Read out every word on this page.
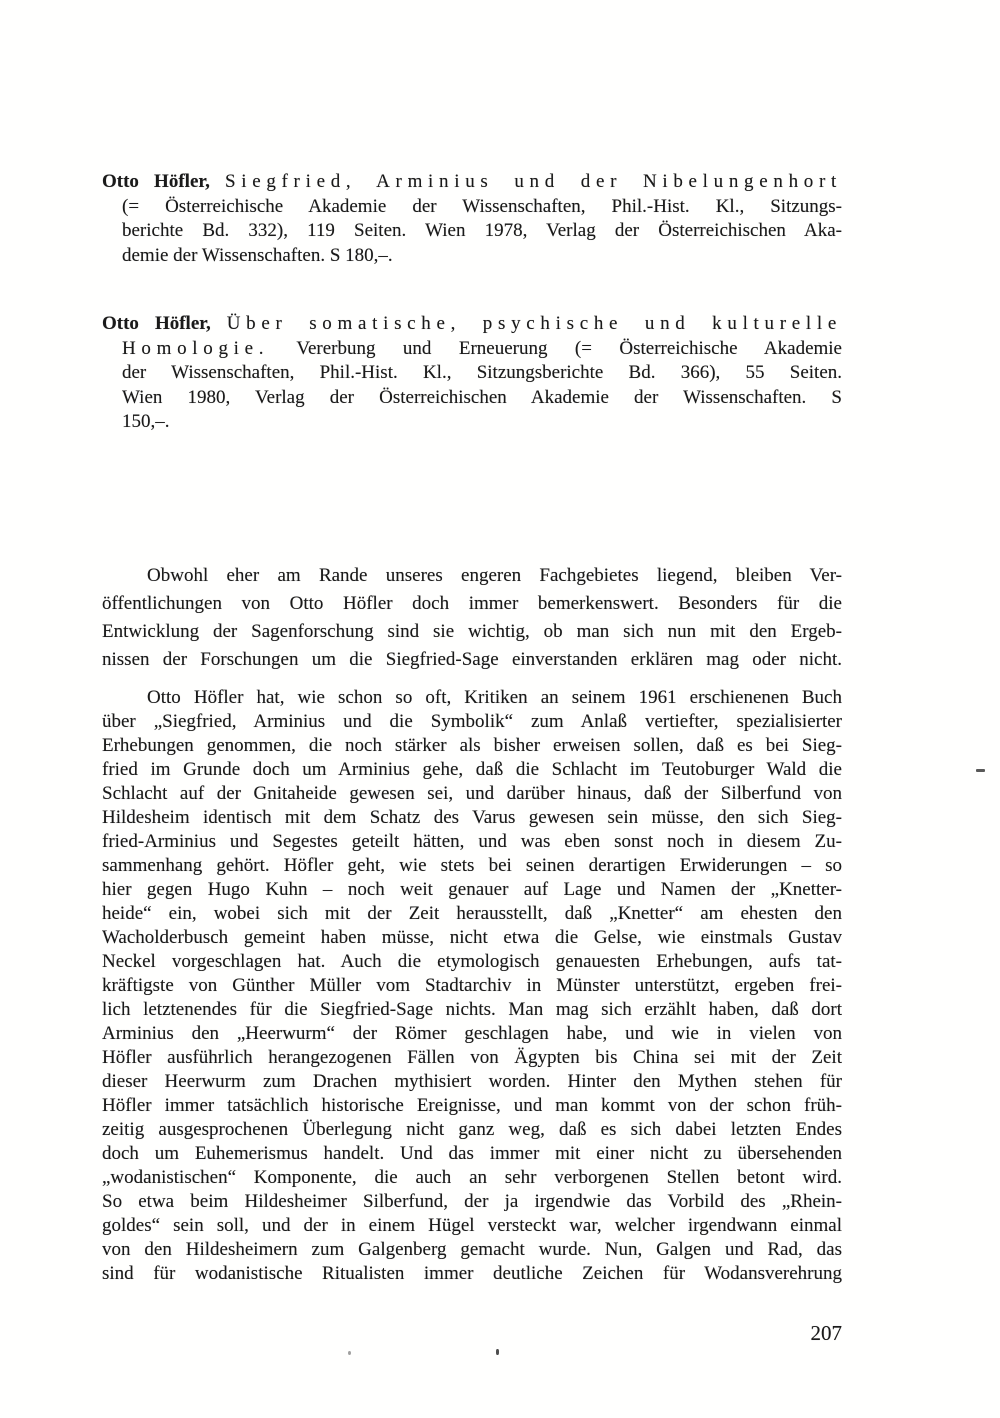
Otto Höfler, Siegfried, Arminius und der Nibelungenhort
(= Österreichische Akademie der Wissenschaften, Phil.-Hist. Kl., Sitzungs-
berichte Bd. 332), 119 Seiten. Wien 1978, Verlag der Österreichischen Aka-
demie der Wissenschaften. S 180,–.
Otto Höfler, Über somatische, psychische und kulturelle
Homologie. Vererbung und Erneuerung (= Österreichische Akademie
der Wissenschaften, Phil.-Hist. Kl., Sitzungsberichte Bd. 366), 55 Seiten.
Wien 1980, Verlag der Österreichischen Akademie der Wissenschaften. S
150,–.
Obwohl eher am Rande unseres engeren Fachgebietes liegend, bleiben Ver-
öffentlichungen von Otto Höfler doch immer bemerkenswert. Besonders für die
Entwicklung der Sagenforschung sind sie wichtig, ob man sich nun mit den Ergeb-
nissen der Forschungen um die Siegfried-Sage einverstanden erklären mag oder nicht.
Otto Höfler hat, wie schon so oft, Kritiken an seinem 1961 erschienenen Buch
über „Siegfried, Arminius und die Symbolik“ zum Anlaß vertiefter, spezialisierter
Erhebungen genommen, die noch stärker als bisher erweisen sollen, daß es bei Sieg-
fried im Grunde doch um Arminius gehe, daß die Schlacht im Teutoburger Wald die
Schlacht auf der Gnitaheide gewesen sei, und darüber hinaus, daß der Silberfund von
Hildesheim identisch mit dem Schatz des Varus gewesen sein müsse, den sich Sieg-
fried-Arminius und Segestes geteilt hätten, und was eben sonst noch in diesem Zu-
sammenhang gehört. Höfler geht, wie stets bei seinen derartigen Erwiderungen – so
hier gegen Hugo Kuhn – noch weit genauer auf Lage und Namen der „Knetter-
heide“ ein, wobei sich mit der Zeit herausstellt, daß „Knetter“ am ehesten den
Wacholderbusch gemeint haben müsse, nicht etwa die Gelse, wie einstmals Gustav
Neckel vorgeschlagen hat. Auch die etymologisch genauesten Erhebungen, aufs tat-
kräftigste von Günther Müller vom Stadtarchiv in Münster unterstützt, ergeben frei-
lich letztenendes für die Siegfried-Sage nichts. Man mag sich erzählt haben, daß dort
Arminius den „Heerwurm“ der Römer geschlagen habe, und wie in vielen von
Höfler ausführlich herangezogenen Fällen von Ägypten bis China sei mit der Zeit
dieser Heerwurm zum Drachen mythisiert worden. Hinter den Mythen stehen für
Höfler immer tatsächlich historische Ereignisse, und man kommt von der schon früh-
zeitig ausgesprochenen Überlegung nicht ganz weg, daß es sich dabei letzten Endes
doch um Euhemerismus handelt. Und das immer mit einer nicht zu übersehenden
„wodanistischen“ Komponente, die auch an sehr verborgenen Stellen betont wird.
So etwa beim Hildesheimer Silberfund, der ja irgendwie das Vorbild des „Rhein-
goldes“ sein soll, und der in einem Hügel versteckt war, welcher irgendwann einmal
von den Hildesheimern zum Galgenberg gemacht wurde. Nun, Galgen und Rad, das
sind für wodanistische Ritualisten immer deutliche Zeichen für Wodansverehrung
207
